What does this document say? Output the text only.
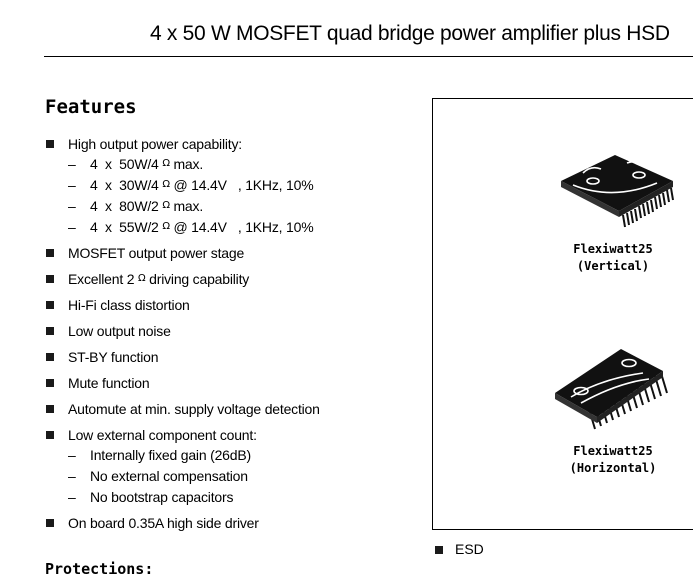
4 x 50 W MOSFET quad bridge power amplifier plus HSD
Features
High output power capability:
– 4  x  50W/4 $^\Omega$ max.
– 4  x  30W/4 $^\Omega$ @ 14.4V   , 1KHz, 10%
– 4  x  80W/2 $^\Omega$ max.
– 4  x  55W/2 $^\Omega$ @ 14.4V   , 1KHz, 10%
MOSFET output power stage
Excellent 2 $^\Omega$ driving capability
Hi-Fi class distortion
Low output noise
ST-BY function
Mute function
Automute at min. supply voltage detection
Low external component count:
– Internally fixed gain (26dB)
– No external compensation
– No bootstrap capacitors
On board 0.35A high side driver
Protections:
Flexiwatt25
(Vertical)
Flexiwatt25
(Horizontal)
ESD
